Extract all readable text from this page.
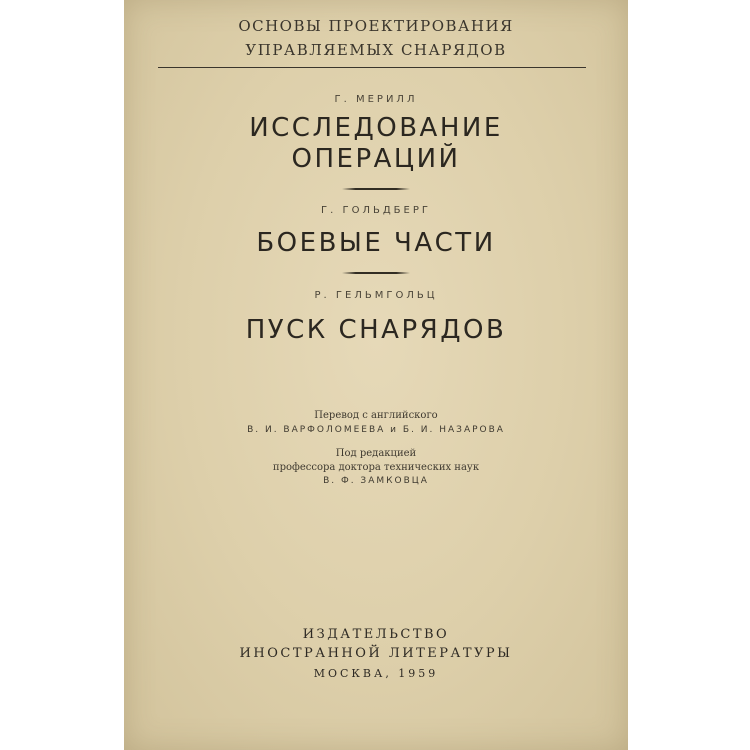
ОСНОВЫ ПРОЕКТИРОВАНИЯ
УПРАВЛЯЕМЫХ СНАРЯДОВ
Г. МЕРИЛЛ
ИССЛЕДОВАНИЕ
ОПЕРАЦИЙ
Г. ГОЛЬДБЕРГ
БОЕВЫЕ ЧАСТИ
Р. ГЕЛЬМГОЛЬЦ
ПУСК СНАРЯДОВ
Перевод с английского
В. И. ВАРФОЛОМЕЕВА и Б. И. НАЗАРОВА
Под редакцией
профессора доктора технических наук
В. Ф. ЗАМКОВЦА
ИЗДАТЕЛЬСТВО
ИНОСТРАННОЙ ЛИТЕРАТУРЫ
МОСКВА, 1959
